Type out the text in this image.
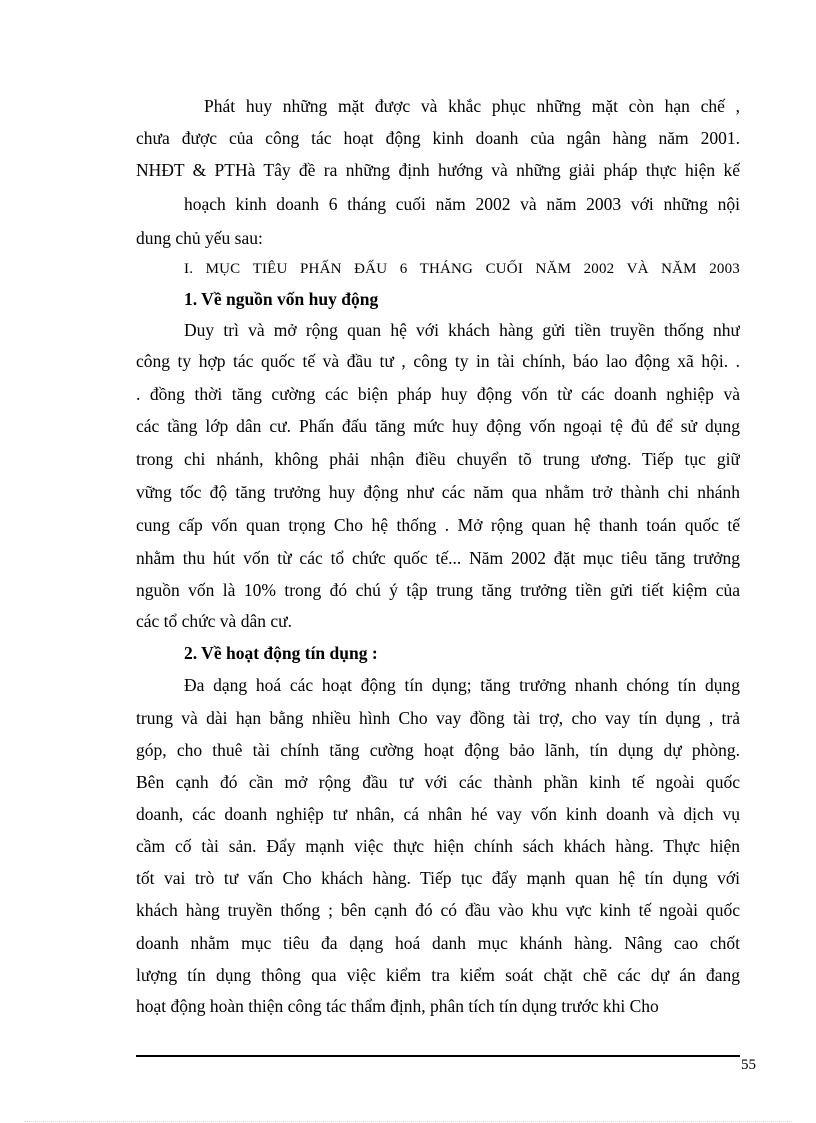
Phát huy những mặt được và khắc phục những mặt còn hạn chế ,
chưa được của công tác hoạt động kinh doanh của ngân hàng năm 2001.
NHĐT & PTHà Tây đề ra những định hướng và những giải pháp thực hiện kế
hoạch kinh doanh 6 tháng cuối năm 2002 và năm 2003 với những nội
dung chủ yếu sau:
I. MỤC TIÊU PHẤN ĐẤU 6 THÁNG CUỐI NĂM 2002 VÀ NĂM 2003
1. Về nguồn vốn huy động
Duy trì và mở rộng quan hệ với khách hàng gửi tiền truyền thống như
công ty hợp tác quốc tế và đầu tư , công ty in tài chính, báo lao động xã hội. .
. đồng thời tăng cường các biện pháp huy động vốn từ các doanh nghiệp và
các tầng lớp dân cư. Phấn đấu tăng mức huy động vốn ngoại tệ đủ để sử dụng
trong chi nhánh, không phải nhận điều chuyển tõ trung ương. Tiếp tục giữ
vững tốc độ tăng trưởng huy động như các năm qua nhằm trở thành chi nhánh
cung cấp vốn quan trọng Cho hệ thống . Mở rộng quan hệ thanh toán quốc tế
nhằm thu hút vốn từ các tổ chức quốc tế... Năm 2002 đặt mục tiêu tăng trưởng
nguồn vốn là 10% trong đó chú ý tập trung tăng trưởng tiền gửi tiết kiệm của
các tổ chức và dân cư.
2. Về hoạt động tín dụng :
Đa dạng hoá các hoạt động tín dụng; tăng trưởng nhanh chóng tín dụng
trung và dài hạn bằng nhiều hình Cho vay đồng tài trợ, cho vay tín dụng , trả
góp, cho thuê tài chính tăng cường hoạt động bảo lãnh, tín dụng dự phòng.
Bên cạnh đó cần mở rộng đầu tư với các thành phần kinh tế ngoài quốc
doanh, các doanh nghiệp tư nhân, cá nhân hé vay vốn kinh doanh và dịch vụ
cầm cố tài sản. Đẩy mạnh việc thực hiện chính sách khách hàng. Thực hiện
tốt vai trò tư vấn Cho khách hàng. Tiếp tục đẩy mạnh quan hệ tín dụng với
khách hàng truyền thống ; bên cạnh đó có đầu vào khu vực kinh tế ngoài quốc
doanh nhằm mục tiêu đa dạng hoá danh mục khánh hàng. Nâng cao chốt
lượng tín dụng thông qua việc kiểm tra kiểm soát chặt chẽ các dự án đang
hoạt động hoàn thiện công tác thẩm định, phân tích tín dụng trước khi Cho
55
